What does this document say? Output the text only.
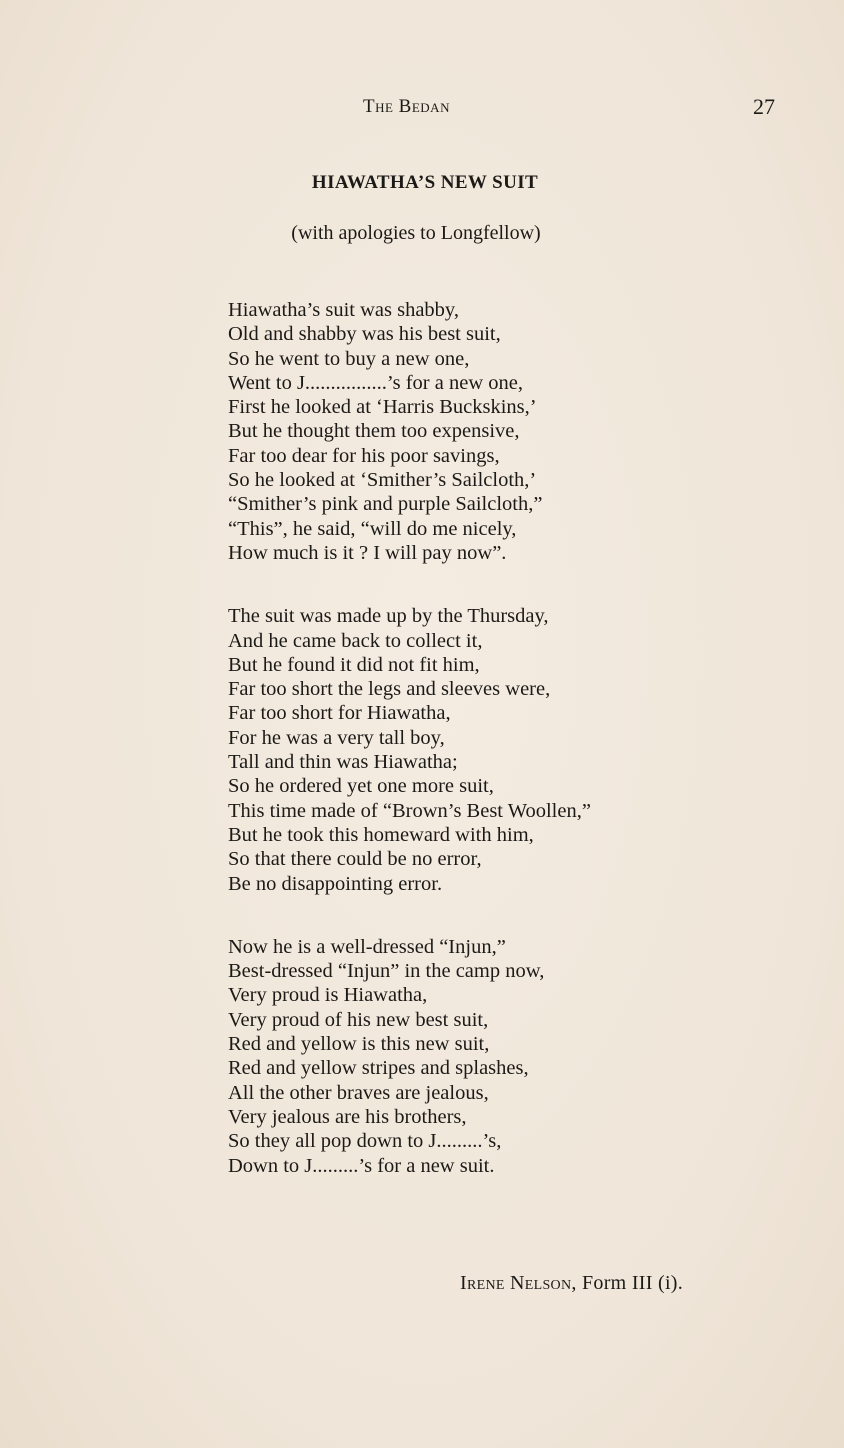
The Bedan	27
HIAWATHA’S NEW SUIT
(with apologies to Longfellow)
Hiawatha’s suit was shabby,
Old and shabby was his best suit,
So he went to buy a new one,
Went to J................’s for a new one,
First he looked at ‘Harris Buckskins,’
But he thought them too expensive,
Far too dear for his poor savings,
So he looked at ‘Smither’s Sailcloth,’
“Smither’s pink and purple Sailcloth,”
“This”, he said, “will do me nicely,
How much is it ? I will pay now”.
The suit was made up by the Thursday,
And he came back to collect it,
But he found it did not fit him,
Far too short the legs and sleeves were,
Far too short for Hiawatha,
For he was a very tall boy,
Tall and thin was Hiawatha;
So he ordered yet one more suit,
This time made of “Brown’s Best Woollen,”
But he took this homeward with him,
So that there could be no error,
Be no disappointing error.
Now he is a well-dressed “Injun,”
Best-dressed “Injun” in the camp now,
Very proud is Hiawatha,
Very proud of his new best suit,
Red and yellow is this new suit,
Red and yellow stripes and splashes,
All the other braves are jealous,
Very jealous are his brothers,
So they all pop down to J.........’s,
Down to J.........’s for a new suit.
Irene Nelson, Form III (i).
